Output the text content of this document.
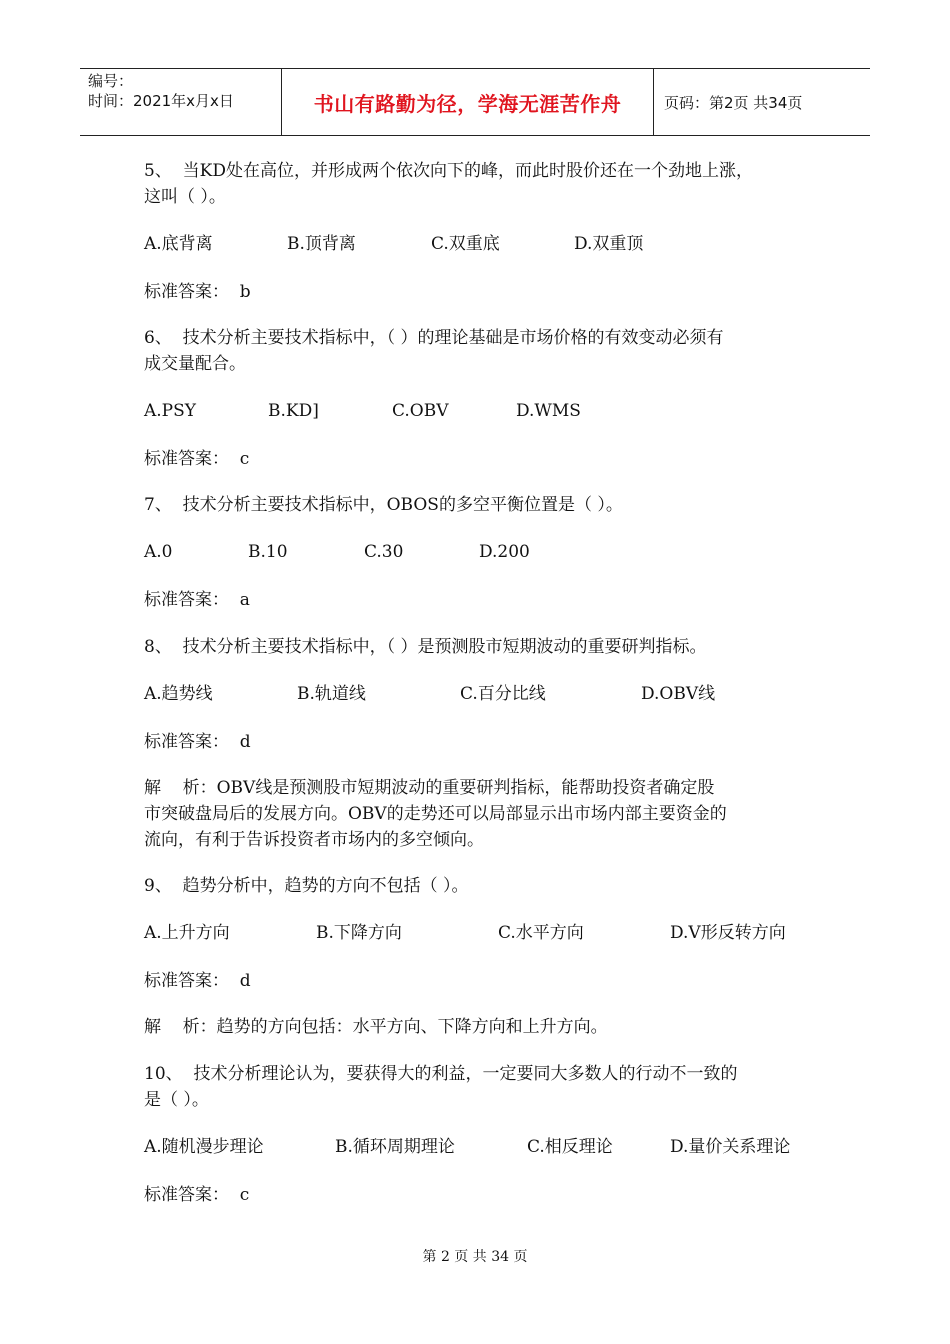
编号：
时间：2021年x月x日	书山有路勤为径，学海无涯苦作舟	页码：第2页 共34页
5、  当KD处在高位，并形成两个依次向下的峰，而此时股价还在一个劲地上涨，
这叫（ ）。
A.底背离	B.顶背离	C.双重底	D.双重顶
标准答案：  b
6、  技术分析主要技术指标中，（ ）的理论基础是市场价格的有效变动必须有
成交量配合。
A.PSY	B.KD]	C.OBV	D.WMS
标准答案：  c
7、  技术分析主要技术指标中，OBOS的多空平衡位置是（ ）。
A.0	B.10	C.30	D.200
标准答案：  a
8、  技术分析主要技术指标中，（ ）是预测股市短期波动的重要研判指标。
A.趋势线	B.轨道线	C.百分比线	D.OBV线
标准答案：  d
解    析：OBV线是预测股市短期波动的重要研判指标，能帮助投资者确定股
市突破盘局后的发展方向。OBV的走势还可以局部显示出市场内部主要资金的
流向，有利于告诉投资者市场内的多空倾向。
9、  趋势分析中，趋势的方向不包括（ ）。
A.上升方向	B.下降方向	C.水平方向	D.V形反转方向
标准答案：  d
解    析：趋势的方向包括：水平方向、下降方向和上升方向。
10、  技术分析理论认为，要获得大的利益，一定要同大多数人的行动不一致的
是（ ）。
A.随机漫步理论	B.循环周期理论	C.相反理论	D.量价关系理论
标准答案：  c
第 2 页 共 34 页
